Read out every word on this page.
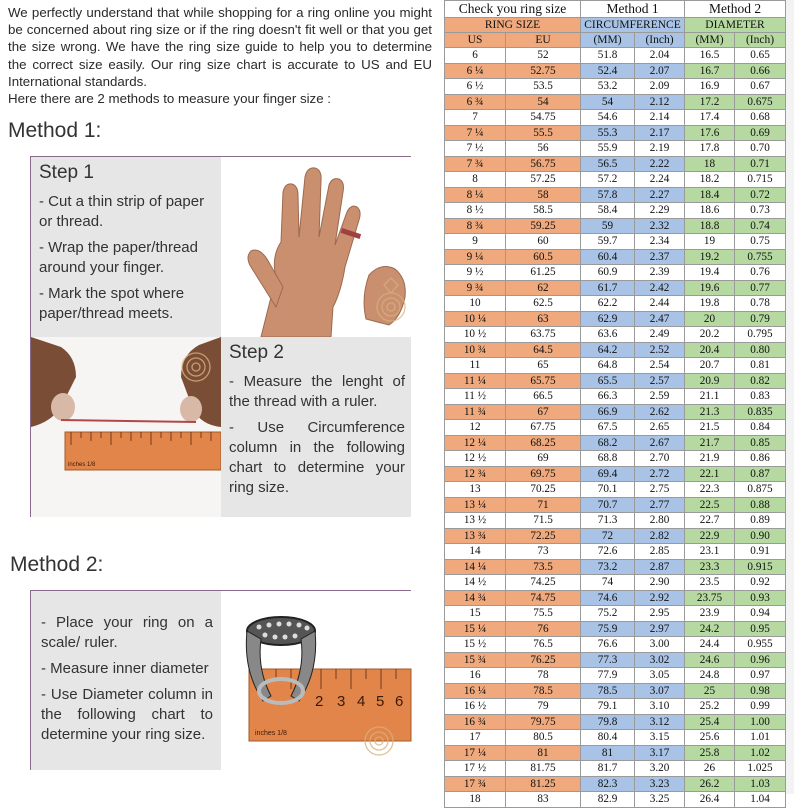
We perfectly understand that while shopping for a ring online you might be concerned about ring size or if the ring doesn't fit well or that you get the size wrong. We have the ring size guide to help you to determine the correct size easily. Our ring size chart is accurate to US and EU International standards.

Here there are 2 methods to measure your finger size :

Method 1:
Step 1
- Cut a thin strip of paper or thread.
- Wrap the paper/thread around your finger.
- Mark the spot where paper/thread meets.
inches 1/8
Step 2
- Measure the lenght of the thread with a ruler.
- Use Circumference column in the following chart to determine your ring size.
Method 2:
- Place your ring on a scale/ ruler.
- Measure inner diameter
- Use Diameter column in the following chart to determine your ring size.
2 3 4 5 6
inches 1/8
Check you ring size		Method 1		Method 2	
RING SIZE		CIRCUMFERENCE		DIAMETER	
US	EU	(MM)	(Inch)	(MM)	(Inch)
6	52	51.8	2.04	16.5	0.65
6 ¼	52.75	52.4	2.07	16.7	0.66
6 ½	53.5	53.2	2.09	16.9	0.67
6 ¾	54	54	2.12	17.2	0.675
7	54.75	54.6	2.14	17.4	0.68
7 ¼	55.5	55.3	2.17	17.6	0.69
7 ½	56	55.9	2.19	17.8	0.70
7 ¾	56.75	56.5	2.22	18	0.71
8	57.25	57.2	2.24	18.2	0.715
8 ¼	58	57.8	2.27	18.4	0.72
8 ½	58.5	58.4	2.29	18.6	0.73
8 ¾	59.25	59	2.32	18.8	0.74
9	60	59.7	2.34	19	0.75
9 ¼	60.5	60.4	2.37	19.2	0.755
9 ½	61.25	60.9	2.39	19.4	0.76
9 ¾	62	61.7	2.42	19.6	0.77
10	62.5	62.2	2.44	19.8	0.78
10 ¼	63	62.9	2.47	20	0.79
10 ½	63.75	63.6	2.49	20.2	0.795
10 ¾	64.5	64.2	2.52	20.4	0.80
11	65	64.8	2.54	20.7	0.81
11 ¼	65.75	65.5	2.57	20.9	0.82
11 ½	66.5	66.3	2.59	21.1	0.83
11 ¾	67	66.9	2.62	21.3	0.835
12	67.75	67.5	2.65	21.5	0.84
12 ¼	68.25	68.2	2.67	21.7	0.85
12 ½	69	68.8	2.70	21.9	0.86
12 ¾	69.75	69.4	2.72	22.1	0.87
13	70.25	70.1	2.75	22.3	0.875
13 ¼	71	70.7	2.77	22.5	0.88
13 ½	71.5	71.3	2.80	22.7	0.89
13 ¾	72.25	72	2.82	22.9	0.90
14	73	72.6	2.85	23.1	0.91
14 ¼	73.5	73.2	2.87	23.3	0.915
14 ½	74.25	74	2.90	23.5	0.92
14 ¾	74.75	74.6	2.92	23.75	0.93
15	75.5	75.2	2.95	23.9	0.94
15 ¼	76	75.9	2.97	24.2	0.95
15 ½	76.5	76.6	3.00	24.4	0.955
15 ¾	76.25	77.3	3.02	24.6	0.96
16	78	77.9	3.05	24.8	0.97
16 ¼	78.5	78.5	3.07	25	0.98
16 ½	79	79.1	3.10	25.2	0.99
16 ¾	79.75	79.8	3.12	25.4	1.00
17	80.5	80.4	3.15	25.6	1.01
17 ¼	81	81	3.17	25.8	1.02
17 ½	81.75	81.7	3.20	26	1.025
17 ¾	81.25	82.3	3.23	26.2	1.03
18	83	82.9	3.25	26.4	1.04
